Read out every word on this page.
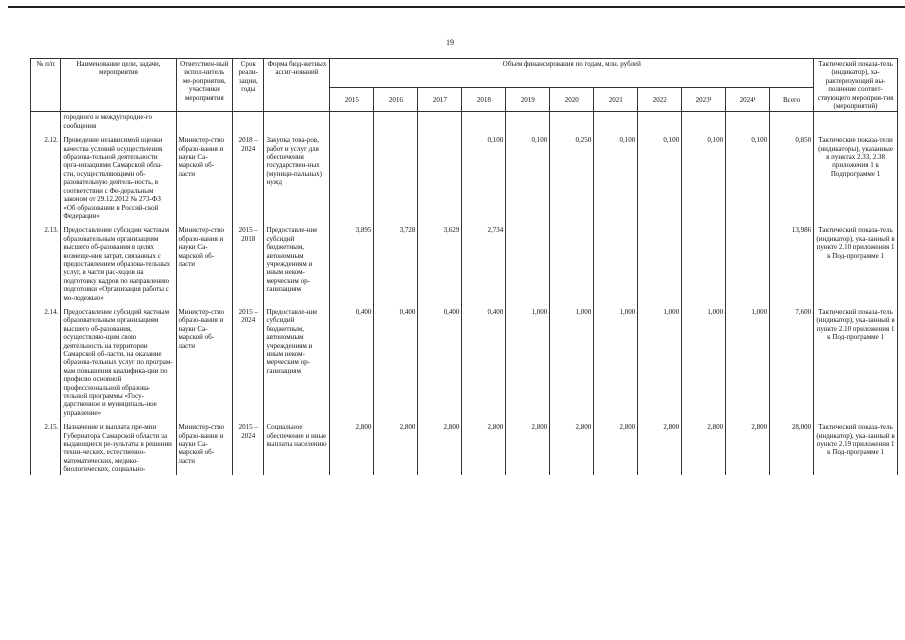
19
№ п/п	Наименование цели, задачи, мероприятия	Ответствен-ный испол-нитель ме-роприятия, участники мероприятия	Срок реали-зации, годы	Форма бюд-жетных ассиг-нований	Объем финансирования по годам, млн. рублей											Тактический показа-тель (индикатор), ха-рактеризующий вы-полнение соответ-ствующего мероприя-тия (мероприятий)
					2015	2016	2017	2018	2019	2020	2021	2022	2023¹	2024¹	Всего	
	городного и междугородие-го сообщения															
2.12.	Проведение независимой оценки качества условий осуществления образова-тельной деятельности орга-низациями Самарской обла-сти, осуществляющими об-разовательную деятель-ность, в соответствии с Фе-деральным законом от 29.12.2012 № 273-ФЗ «Об образовании в Россий-ской Федерации»	Министер-ство образо-вания и науки Са-марской об-ласти	2018 – 2024	Закупка това-ров, работ и услуг для обеспечения государствен-ных (муници-пальных) нужд				0,100	0,100	0,250	0,100	0,100	0,100	0,100	0,850	Тактические показа-тели (индикаторы), указанные в пунктах 2.33, 2.38 приложения 1 к Подпрограмме 1
2.13.	Предоставление субсидии частным образовательным организациям высшего об-разования в целях возмеще-ния затрат, связанных с предоставлением образова-тельных услуг, в части рас-ходов на подготовку кадров по направлению подготовки «Организация работы с мо-лодежью»	Министер-ство образо-вания и науки Са-марской об-ласти	2015 – 2018	Предоставле-ние субсидий бюджетным, автономным учреждениям и иным неком-мерческим ор-ганизациям	3,895	3,728	3,629	2,734							13,986	Тактический показа-тель (индикатор), ука-занный в пункте 2.10 приложения 1 к Под-программе 1
2.14.	Предоставление субсидий частным образовательным организациям высшего об-разования, осуществляю-щим свою деятельность на территории Самарской об-ласти, на оказание образова-тельных услуг по програм-мам повышения квалифика-ции по профилю основной профессиональной образова-тельной программы «Госу-дарственное и муниципаль-ное управление»	Министер-ство образо-вания и науки Са-марской об-ласти	2015 – 2024	Предоставле-ние субсидий бюджетным, автономным учреждениям и иным неком-мерческим ор-ганизациям	0,400	0,400	0,400	0,400	1,000	1,000	1,000	1,000	1,000	1,000	7,600	Тактический показа-тель (индикатор), ука-занный в пункте 2.10 приложения 1 к Под-программе 1
2.15.	Назначение и выплата пре-мии Губернатора Самарской области за выдающиеся ре-зультаты в решении техни-ческих, естественно-математических, медико-биологических, социально-	Министер-ство образо-вания и науки Са-марской об-ласти	2015 – 2024	Социальное обеспечение и иные выплаты населению	2,800	2,800	2,800	2,800	2,800	2,800	2,800	2,800	2,800	2,800	28,000	Тактический показа-тель (индикатор), ука-занный в пункте 2.19 приложения 1 к Под-программе 1
